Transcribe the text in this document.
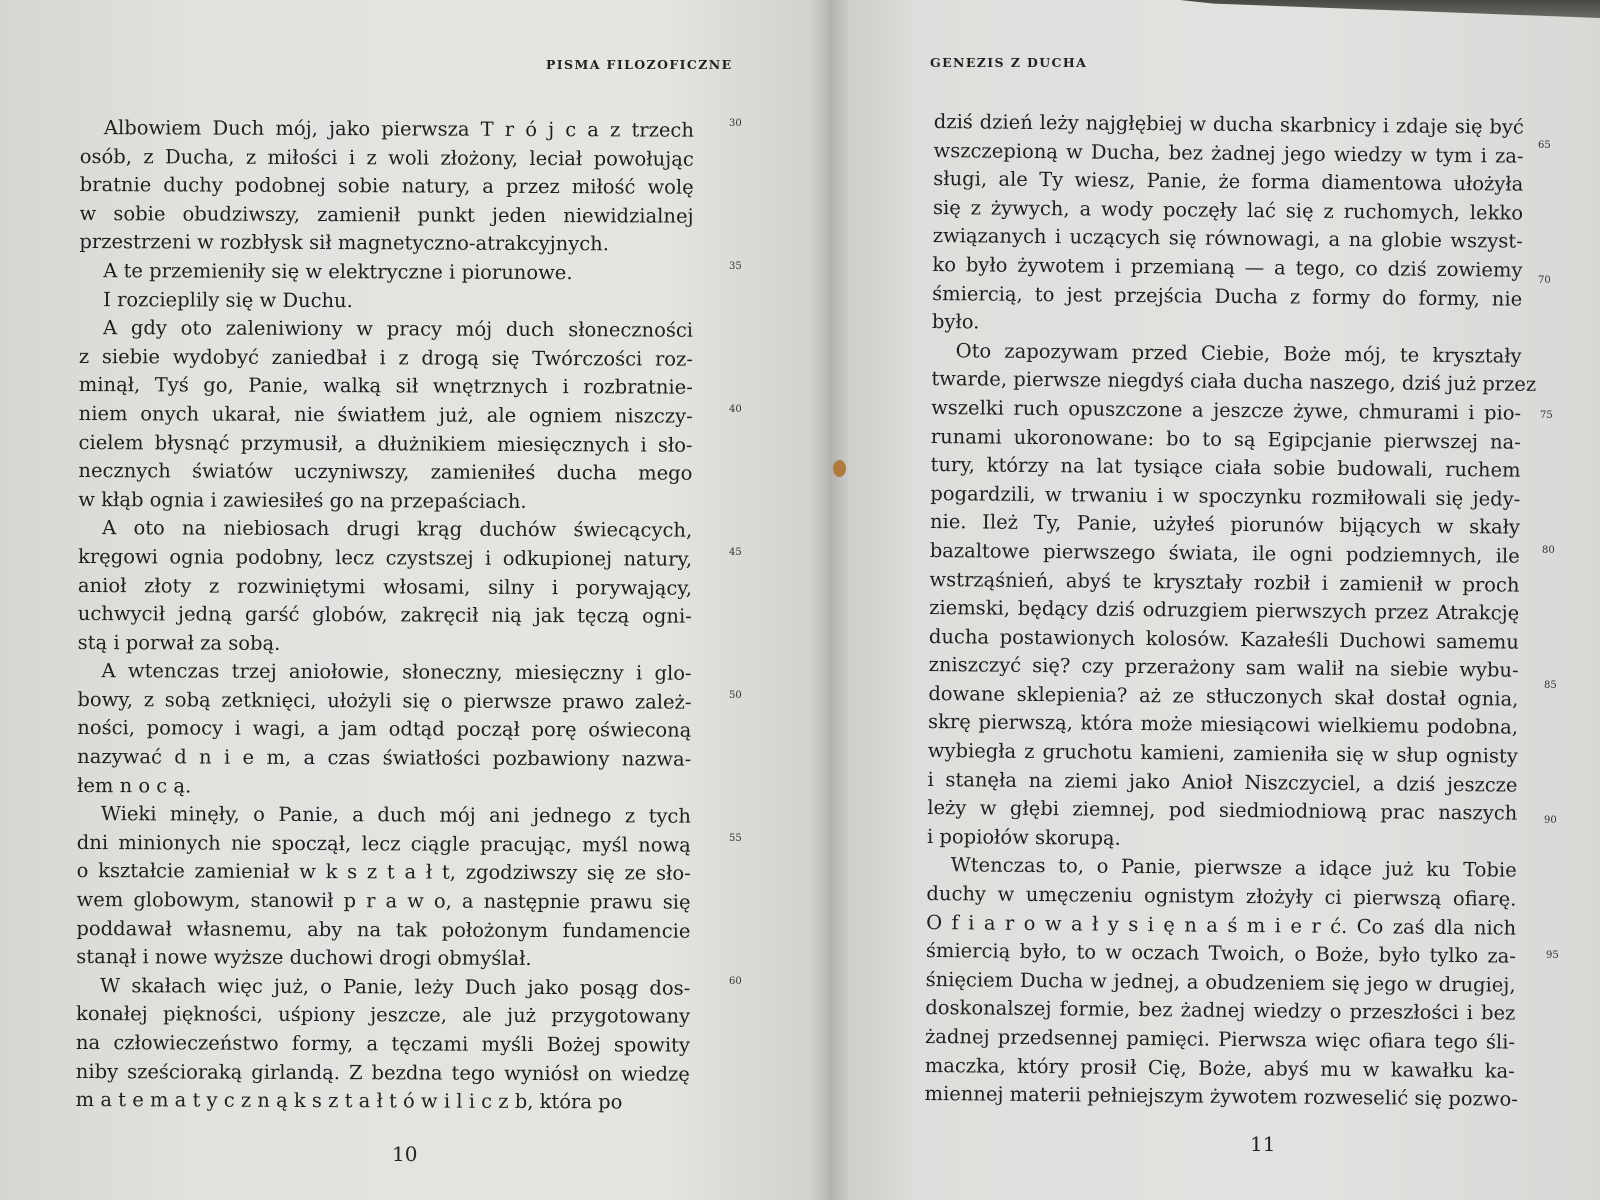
PISMA FILOZOFICZNE
Albowiem Duch mój, jako pierwsza T r ó j c a z trzech
osób, z Ducha, z miłości i z woli złożony, leciał powołując
bratnie duchy podobnej sobie natury, a przez miłość wolę
w sobie obudziwszy, zamienił punkt jeden niewidzialnej
przestrzeni w rozbłysk sił magnetyczno-atrakcyjnych.
A te przemieniły się w elektryczne i piorunowe.
I rozcieplily się w Duchu.
A gdy oto zaleniwiony w pracy mój duch słoneczności
z siebie wydobyć zaniedbał i z drogą się Twórczości roz-
minął, Tyś go, Panie, walką sił wnętrznych i rozbratnie-
niem onych ukarał, nie światłem już, ale ogniem niszczy-
cielem błysnąć przymusił, a dłużnikiem miesięcznych i sło-
necznych światów uczyniwszy, zamieniłeś ducha mego
w kłąb ognia i zawiesiłeś go na przepaściach.
A oto na niebiosach drugi krąg duchów świecących,
kręgowi ognia podobny, lecz czystszej i odkupionej natury,
anioł złoty z rozwiniętymi włosami, silny i porywający,
uchwycił jedną garść globów, zakręcił nią jak tęczą ogni-
stą i porwał za sobą.
A wtenczas trzej aniołowie, słoneczny, miesięczny i glo-
bowy, z sobą zetknięci, ułożyli się o pierwsze prawo zależ-
ności, pomocy i wagi, a jam odtąd począł porę oświeconą
nazywać d n i e m, a czas światłości pozbawiony nazwa-
łem n o c ą.
Wieki minęły, o Panie, a duch mój ani jednego z tych
dni minionych nie spoczął, lecz ciągle pracując, myśl nową
o kształcie zamieniał w k s z t a ł t, zgodziwszy się ze sło-
wem globowym, stanowił p r a w o, a następnie prawu się
poddawał własnemu, aby na tak położonym fundamencie
stanął i nowe wyższe duchowi drogi obmyślał.
W skałach więc już, o Panie, leży Duch jako posąg dos-
konałej piękności, uśpiony jeszcze, ale już przygotowany
na człowieczeństwo formy, a tęczami myśli Bożej spowity
niby sześcioraką girlandą. Z bezdna tego wyniósł on wiedzę
m a t e m a t y c z n ą k s z t a ł t ó w i l i c z b, która po
30
35
40
45
50
55
60
10
GENEZIS Z DUCHA
dziś dzień leży najgłębiej w ducha skarbnicy i zdaje się być
wszczepioną w Ducha, bez żadnej jego wiedzy w tym i za-
sługi, ale Ty wiesz, Panie, że forma diamentowa ułożyła
się z żywych, a wody poczęły lać się z ruchomych, lekko
związanych i uczących się równowagi, a na globie wszyst-
ko było żywotem i przemianą — a tego, co dziś zowiemy
śmiercią, to jest przejścia Ducha z formy do formy, nie
było.
Oto zapozywam przed Ciebie, Boże mój, te kryształy
twarde, pierwsze niegdyś ciała ducha naszego, dziś już przez
wszelki ruch opuszczone a jeszcze żywe, chmurami i pio-
runami ukoronowane: bo to są Egipcjanie pierwszej na-
tury, którzy na lat tysiące ciała sobie budowali, ruchem
pogardzili, w trwaniu i w spoczynku rozmiłowali się jedy-
nie. Ileż Ty, Panie, użyłeś piorunów bijących w skały
bazaltowe pierwszego świata, ile ogni podziemnych, ile
wstrząśnień, abyś te kryształy rozbił i zamienił w proch
ziemski, będący dziś odruzgiem pierwszych przez Atrakcję
ducha postawionych kolosów. Kazałeśli Duchowi samemu
zniszczyć się? czy przerażony sam walił na siebie wybu-
dowane sklepienia? aż ze stłuczonych skał dostał ognia,
skrę pierwszą, która może miesiącowi wielkiemu podobna,
wybiegła z gruchotu kamieni, zamieniła się w słup ognisty
i stanęła na ziemi jako Anioł Niszczyciel, a dziś jeszcze
leży w głębi ziemnej, pod siedmiodniową prac naszych
i popiołów skorupą.
Wtenczas to, o Panie, pierwsze a idące już ku Tobie
duchy w umęczeniu ognistym złożyły ci pierwszą ofiarę.
O f i a r o w a ł y s i ę n a ś m i e r ć. Co zaś dla nich
śmiercią było, to w oczach Twoich, o Boże, było tylko za-
śnięciem Ducha w jednej, a obudzeniem się jego w drugiej,
doskonalszej formie, bez żadnej wiedzy o przeszłości i bez
żadnej przedsennej pamięci. Pierwsza więc ofiara tego śli-
maczka, który prosił Cię, Boże, abyś mu w kawałku ka-
miennej materii pełniejszym żywotem rozweselić się pozwo-
65
70
75
80
85
90
95
11
